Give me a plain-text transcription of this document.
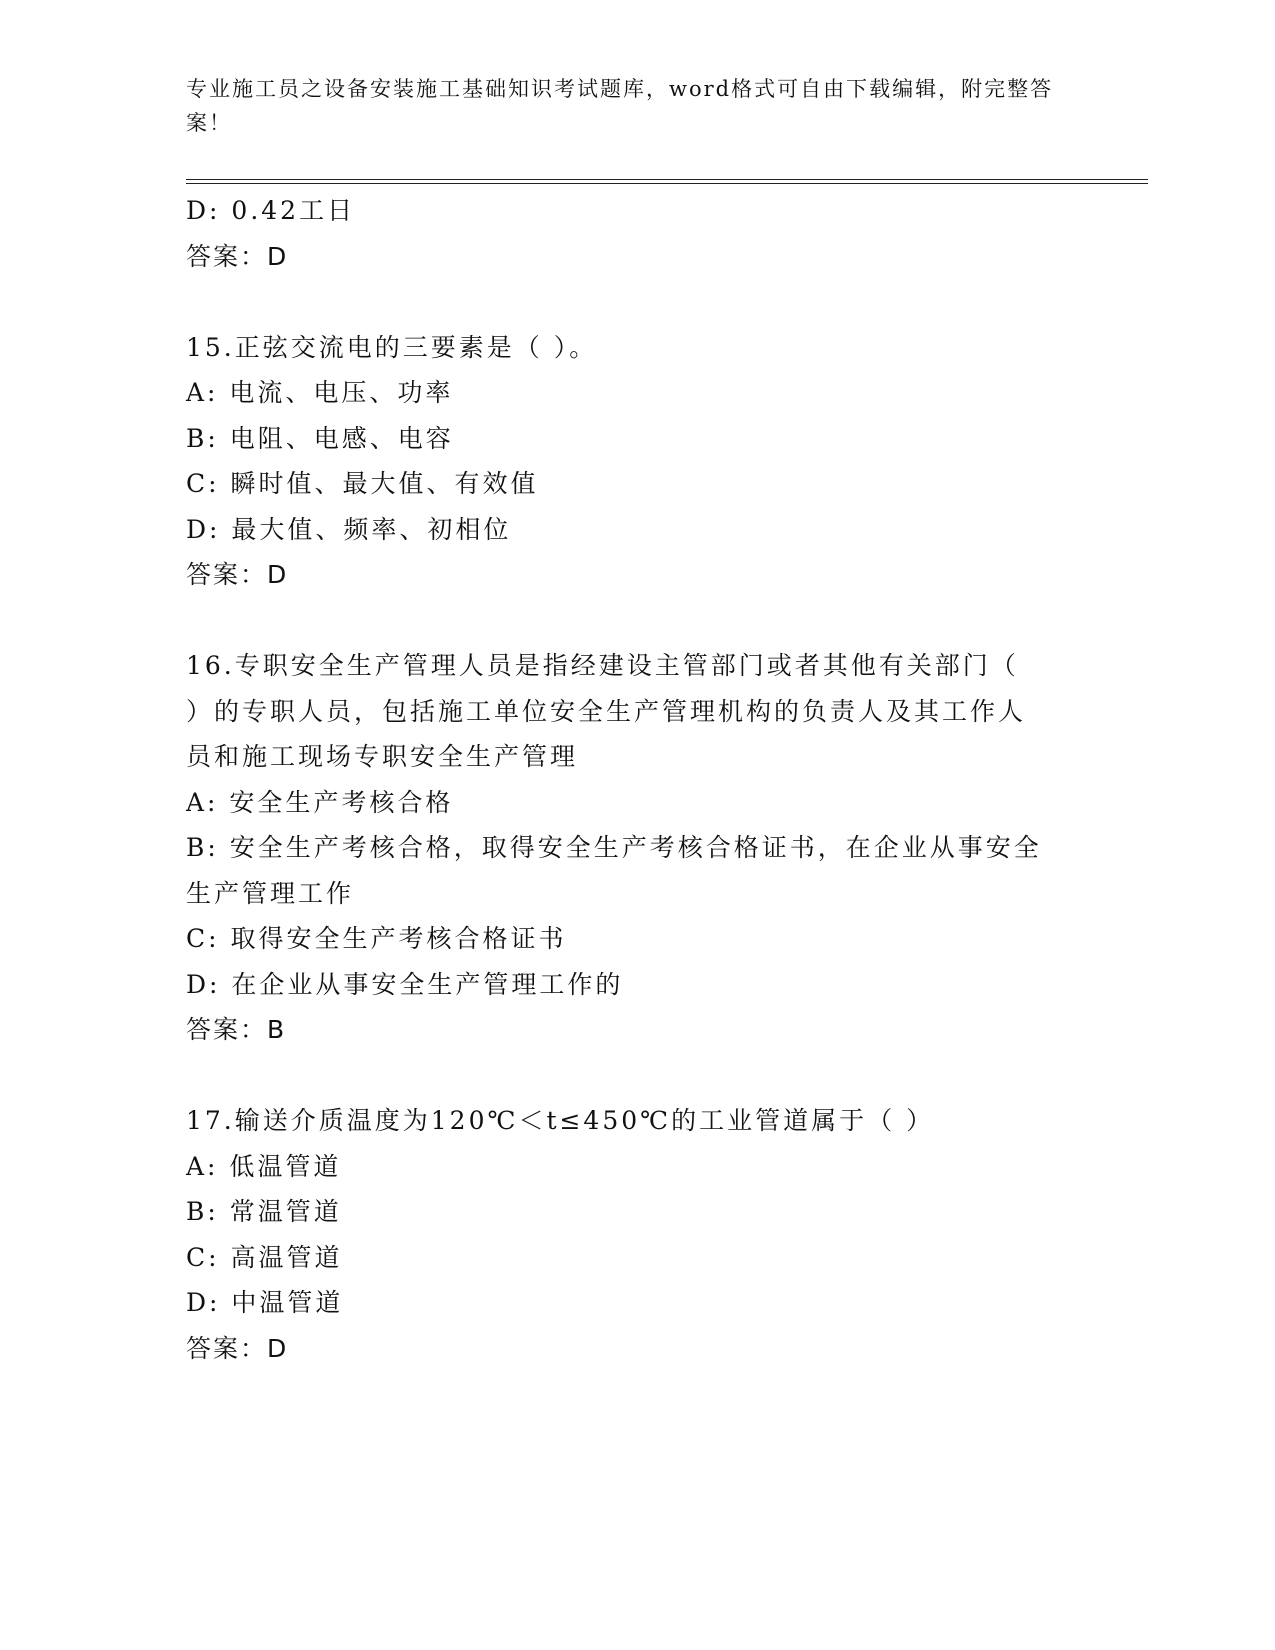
专业施工员之设备安装施工基础知识考试题库，word格式可自由下载编辑，附完整答案！
D: 0.42工日
答案：D
15.正弦交流电的三要素是（ ）。
A: 电流、电压、功率
B: 电阻、电感、电容
C: 瞬时值、最大值、有效值
D: 最大值、频率、初相位
答案：D
16.专职安全生产管理人员是指经建设主管部门或者其他有关部门（
）的专职人员，包括施工单位安全生产管理机构的负责人及其工作人
员和施工现场专职安全生产管理
A: 安全生产考核合格
B: 安全生产考核合格，取得安全生产考核合格证书，在企业从事安全
生产管理工作
C: 取得安全生产考核合格证书
D: 在企业从事安全生产管理工作的
答案：B
17.输送介质温度为120℃＜t≤450℃的工业管道属于（ ）
A: 低温管道
B: 常温管道
C: 高温管道
D: 中温管道
答案：D
